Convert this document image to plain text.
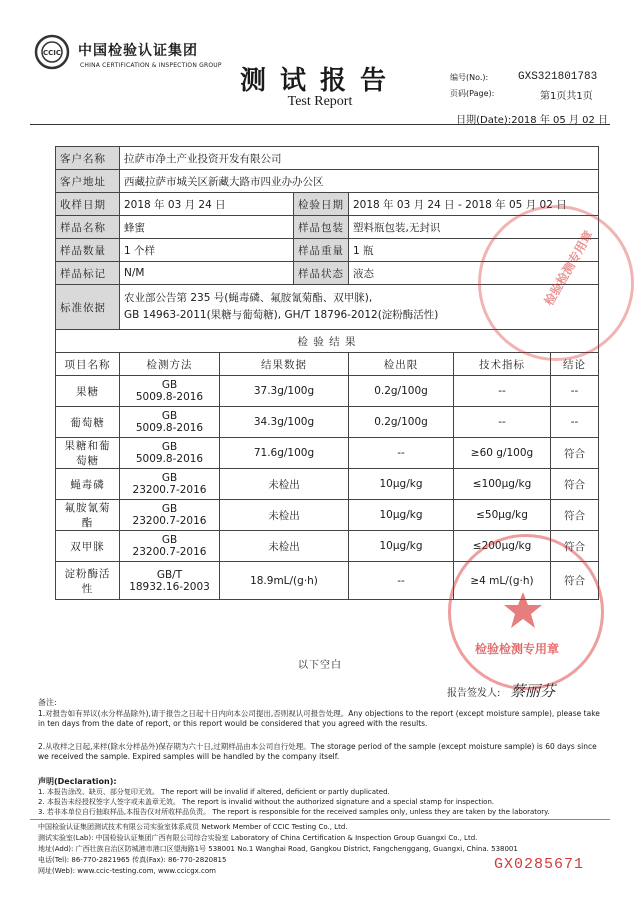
CCIC 中国检验认证集团
CHINA CERTIFICATION & INSPECTION GROUP
测试报告
Test Report
编号(No.):	GXS321801783
页码(Page):	第1页共1页
日期(Date):2018 年 05 月 02 日
客户名称	拉萨市净土产业投资开发有限公司					
客户地址	西藏拉萨市城关区新藏大路市四业办办公区					
收样日期	2018 年 03 月 24 日		检验日期	2018 年 03 月 24 日 - 2018 年 05 月 02 日		
样品名称	蜂蜜		样品包装	塑料瓶包装,无封识		
样品数量	1 个样		样品重量	1 瓶		
样品标记	N/M		样品状态	液态		
标准依据	农业部公告第 235 号(蝇毒磷、氟胺氰菊酯、双甲脒),
GB 14963-2011(果糖与葡萄糖), GH/T 18796-2012(淀粉酶活性)					

检 验 结 果						
项目名称	检测方法	结果数据		检出限	技术指标	结论
果糖	GB
5009.8-2016	37.3g/100g		0.2g/100g	--	--
葡萄糖	GB
5009.8-2016	34.3g/100g		0.2g/100g	--	--
果糖和葡萄糖	GB
5009.8-2016	71.6g/100g		--	≥60 g/100g	符合
蝇毒磷	GB
23200.7-2016	未检出		10μg/kg	≤100μg/kg	符合
氟胺氰菊酯	GB
23200.7-2016	未检出		10μg/kg	≤50μg/kg	符合
双甲脒	GB
23200.7-2016	未检出		10μg/kg	≤200μg/kg	符合
淀粉酶活性	GB/T
18932.16-2003	18.9mL/(g·h)		--	≥4 mL/(g·h)	符合
检验检测专用章
检验检测专用章
以下空白
报告签发人: 蔡丽芬
备注:
1.对报告如有异议(水分样品除外),请于报告之日起十日内向本公司提出,否则视认可报告处理。Any objections to the report (except moisture sample), please take in ten days from the date of report, or this report would be considered that you agreed with the results.
2.从收样之日起,来样(除水分样品外)保存期为六十日,过期样品由本公司自行处理。The storage period of the sample (except moisture sample) is 60 days since we received the sample. Expired samples will be handled by the company itself.
声明(Declaration):
1. 本报告涂改、缺页、部分复印无效。 The report will be invalid if altered, deficient or partly duplicated.
2. 本报告未经授权签字人签字或未盖章无效。 The report is invalid without the authorized signature and a special stamp for inspection.
3. 若非本单位自行抽取样品,本报告仅对所收样品负责。 The report is responsible for the received samples only, unless they are taken by the laboratory.
中国检验认证集团测试技术有限公司实验室体系成员 Network Member of CCIC Testing Co., Ltd.
测试实验室(Lab): 中国检验认证集团广西有限公司综合实验室 Laboratory of China Certification & Inspection Group Guangxi Co., Ltd.
地址(Add): 广西壮族自治区防城港市港口区望海路1号 538001 No.1 Wanghai Road, Gangkou District, Fangchenggang, Guangxi, China. 538001
电话(Tel): 86-770-2821965 传真(Fax): 86-770-2820815
网址(Web): www.ccic-testing.com, www.ccicgx.com	GX0285671
